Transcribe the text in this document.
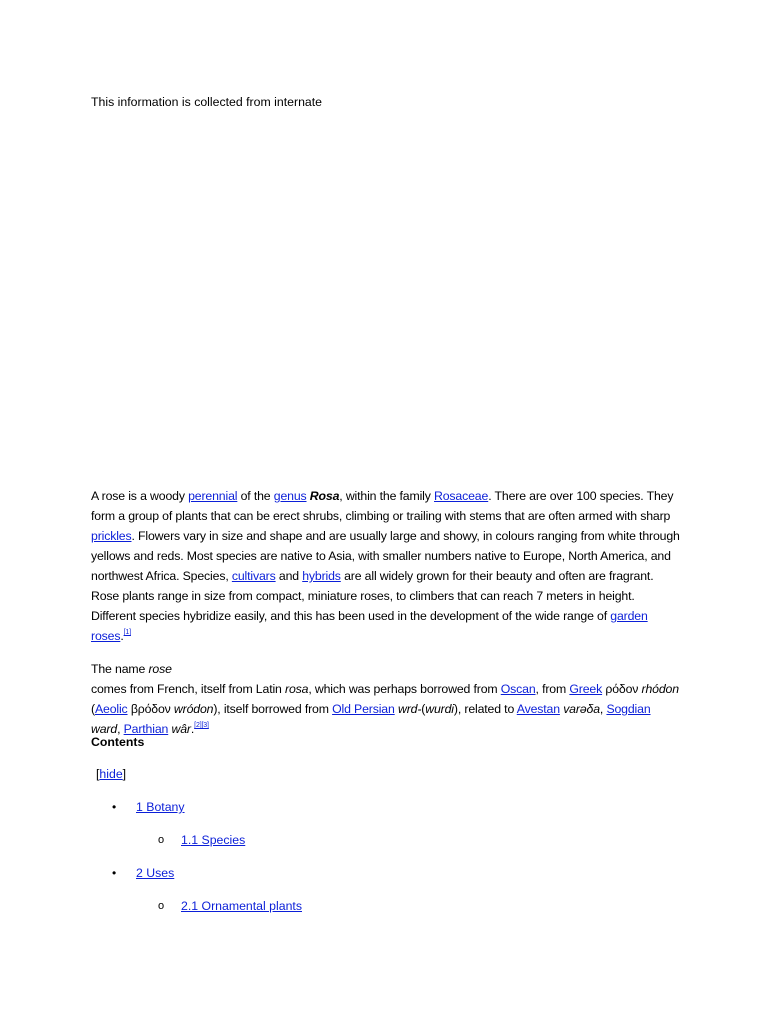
This information is collected from internate

A rose is a woody perennial of the genus Rosa, within the family Rosaceae. There are over 100 species. They form a group of plants that can be erect shrubs, climbing or trailing with stems that are often armed with sharp prickles. Flowers vary in size and shape and are usually large and showy, in colours ranging from white through yellows and reds. Most species are native to Asia, with smaller numbers native to Europe, North America, and northwest Africa. Species, cultivars and hybrids are all widely grown for their beauty and often are fragrant. Rose plants range in size from compact, miniature roses, to climbers that can reach 7 meters in height. Different species hybridize easily, and this has been used in the development of the wide range of garden roses.[1]

The name rose comes from French, itself from Latin rosa, which was perhaps borrowed from Oscan, from Greek ρόδον rhódon (Aeolic βρόδον wródon), itself borrowed from Old Persian wrd-(wurdi), related to Avestan varəδa, Sogdian ward, Parthian wâr.[2][3]

Contents

[hide]

• 1 Botany
o 1.1 Species
• 2 Uses
o 2.1 Ornamental plants
